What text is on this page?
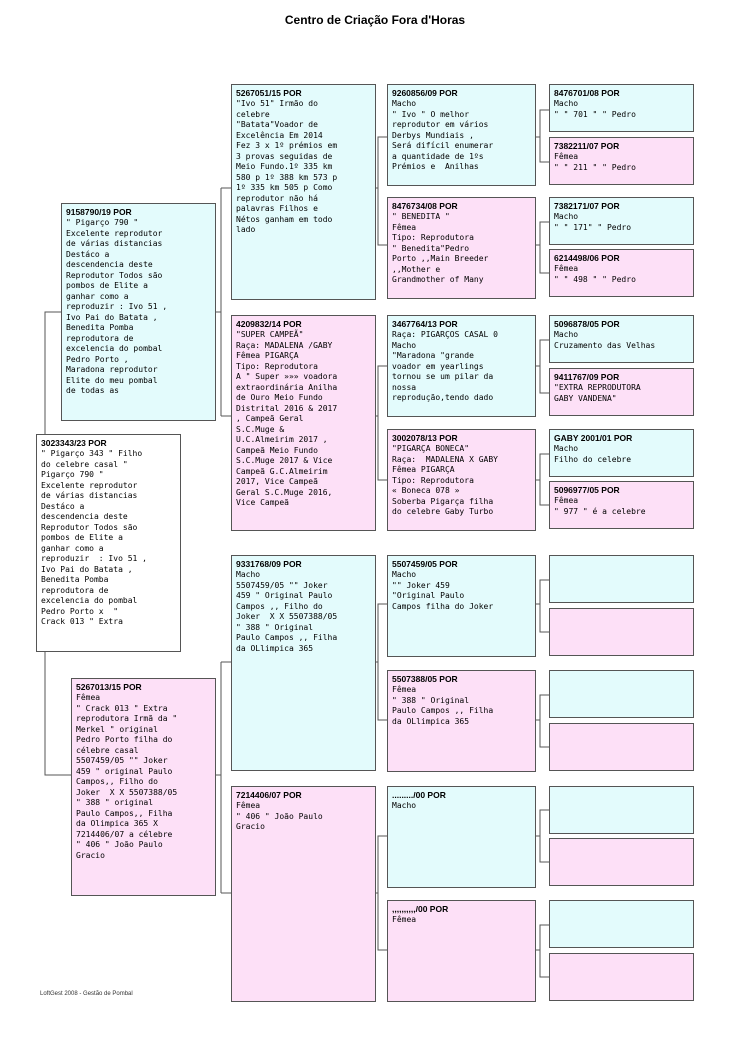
Centro de Criação Fora d'Horas
3023343/23 POR
" Pigarço 343 " Filho
do celebre casal "
Pigarço 790 "
Excelente reprodutor
de várias distancias
Destáco a
descendencia deste
Reprodutor Todos são
pombos de Elite a
ganhar como a
reproduzir  : Ivo 51 ,
Ivo Pai do Batata ,
Benedita Pomba
reprodutora de
excelencia do pombal
Pedro Porto x  "
Crack 013 " Extra
9158790/19 POR
" Pigarço 790 "
Excelente reprodutor
de várias distancias
Destáco a
descendencia deste
Reprodutor Todos são
pombos de Elite a
ganhar como a
reproduzir : Ivo 51 ,
Ivo Pai do Batata ,
Benedita Pomba
reprodutora de
excelencia do pombal
Pedro Porto ,
Maradona reprodutor
Elite do meu pombal
de todas as
5267013/15 POR
Fêmea
" Crack 013 " Extra
reprodutora Irmã da "
Merkel " original
Pedro Porto filha do
célebre casal
5507459/05 "" Joker
459 " original Paulo
Campos,, Filho do
Joker  X X 5507388/05
" 388 " original
Paulo Campos,, Filha
da Olimpica 365 X
7214406/07 a célebre
" 406 " João Paulo
Gracio
5267051/15 POR
"Ivo 51" Irmão do
celebre
"Batata"Voador de
Excelência Em 2014
Fez 3 x 1º prémios em
3 provas seguidas de
Meio Fundo.1º 335 km
580 p 1º 388 km 573 p
1º 335 km 505 p Como
reprodutor não há
palavras Filhos e
Nétos ganham em todo
lado
4209832/14 POR
"SUPER CAMPEÃ"
Raça: MADALENA /GABY
Fêmea PIGARÇA
Tipo: Reprodutora
A " Super »»» voadora
extraordinária Anilha
de Ouro Meio Fundo
Distrital 2016 & 2017
, Campeã Geral
S.C.Muge &
U.C.Almeirim 2017 ,
Campeã Meio Fundo
S.C.Muge 2017 & Vice
Campeã G.C.Almeirim
2017, Vice Campeã
Geral S.C.Muge 2016,
Vice Campeã
9331768/09 POR
Macho
5507459/05 "" Joker
459 " Original Paulo
Campos ,, Filho do
Joker  X X 5507388/05
" 388 " Original
Paulo Campos ,, Filha
da OLlimpica 365
7214406/07 POR
Fêmea
" 406 " João Paulo
Gracio
9260856/09 POR
Macho
" Ivo " O melhor
reprodutor em vários
Derbys Mundiais ,
Será difícil enumerar
a quantidade de 1ºs
Prémios e  Anilhas
8476734/08 POR
" BENEDITA "
Fêmea
Tipo: Reprodutora
" Benedita"Pedro
Porto ,,Main Breeder
,,Mother e
Grandmother of Many
3467764/13 POR
Raça: PIGARÇOS CASAL 0
Macho
"Maradona "grande
voador em yearlings
tornou se um pilar da
nossa
reprodução,tendo dado
3002078/13 POR
"PIGARÇA BONECA"
Raça:  MADALENA X GABY
Fêmea PIGARÇA
Tipo: Reprodutora
« Boneca 078 »
Soberba Pigarça filha
do celebre Gaby Turbo
5507459/05 POR
Macho
"" Joker 459
"Original Paulo
Campos filha do Joker
5507388/05 POR
Fêmea
" 388 " Original
Paulo Campos ,, Filha
da OLlimpica 365
........./00 POR
Macho
,,,,,,,,,,/00 POR
Fêmea
8476701/08 POR
Macho
" " 701 " " Pedro
7382211/07 POR
Fêmea
" " 211 " " Pedro
7382171/07 POR
Macho
" " 171" " Pedro
6214498/06 POR
Fêmea
" " 498 " " Pedro
5096878/05 POR
Macho
Cruzamento das Velhas
9411767/09 POR
"EXTRA REPRODUTORA
GABY VANDENA"
GABY 2001/01 POR
Macho
Filho do celebre
5096977/05 POR
Fêmea
" 977 " é a celebre
LoftGest 2008 - Gestão de Pombal
